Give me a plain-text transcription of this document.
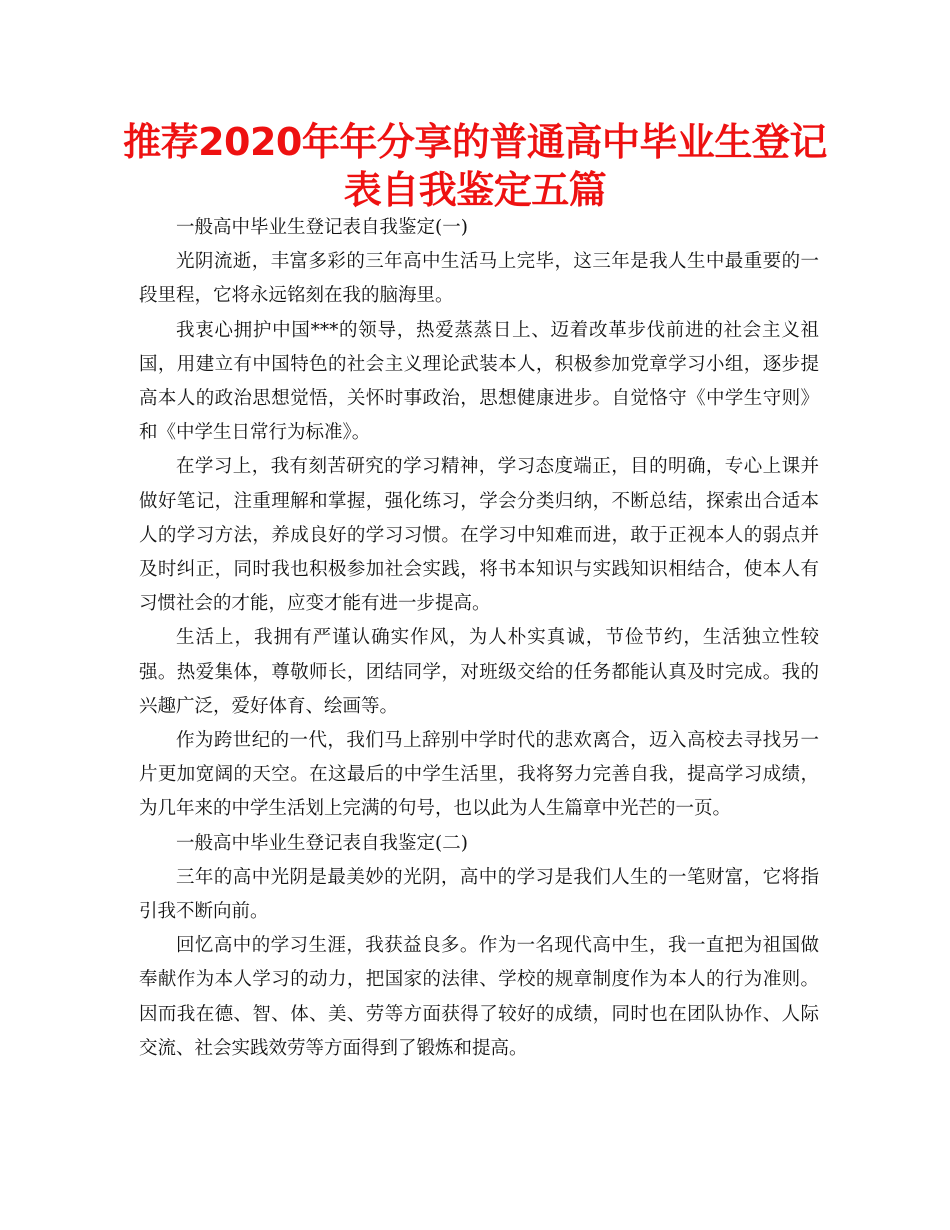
推荐2020年年分享的普通高中毕业生登记表自我鉴定五篇

一般高中毕业生登记表自我鉴定(一)

光阴流逝，丰富多彩的三年高中生活马上完毕，这三年是我人生中最重要的一段里程，它将永远铭刻在我的脑海里。

我衷心拥护中国***的领导，热爱蒸蒸日上、迈着改革步伐前进的社会主义祖国，用建立有中国特色的社会主义理论武装本人，积极参加党章学习小组，逐步提高本人的政治思想觉悟，关怀时事政治，思想健康进步。自觉恪守《中学生守则》和《中学生日常行为标准》。

在学习上，我有刻苦研究的学习精神，学习态度端正，目的明确，专心上课并做好笔记，注重理解和掌握，强化练习，学会分类归纳，不断总结，探索出合适本人的学习方法，养成良好的学习习惯。在学习中知难而进，敢于正视本人的弱点并及时纠正，同时我也积极参加社会实践，将书本知识与实践知识相结合，使本人有习惯社会的才能，应变才能有进一步提高。

生活上，我拥有严谨认确实作风，为人朴实真诚，节俭节约，生活独立性较强。热爱集体，尊敬师长，团结同学，对班级交给的任务都能认真及时完成。我的兴趣广泛，爱好体育、绘画等。

作为跨世纪的一代，我们马上辞别中学时代的悲欢离合，迈入高校去寻找另一片更加宽阔的天空。在这最后的中学生活里，我将努力完善自我，提高学习成绩，为几年来的中学生活划上完满的句号，也以此为人生篇章中光芒的一页。

一般高中毕业生登记表自我鉴定(二)

三年的高中光阴是最美妙的光阴，高中的学习是我们人生的一笔财富，它将指引我不断向前。

回忆高中的学习生涯，我获益良多。作为一名现代高中生，我一直把为祖国做奉献作为本人学习的动力，把国家的法律、学校的规章制度作为本人的行为准则。因而我在德、智、体、美、劳等方面获得了较好的成绩，同时也在团队协作、人际交流、社会实践效劳等方面得到了锻炼和提高。
